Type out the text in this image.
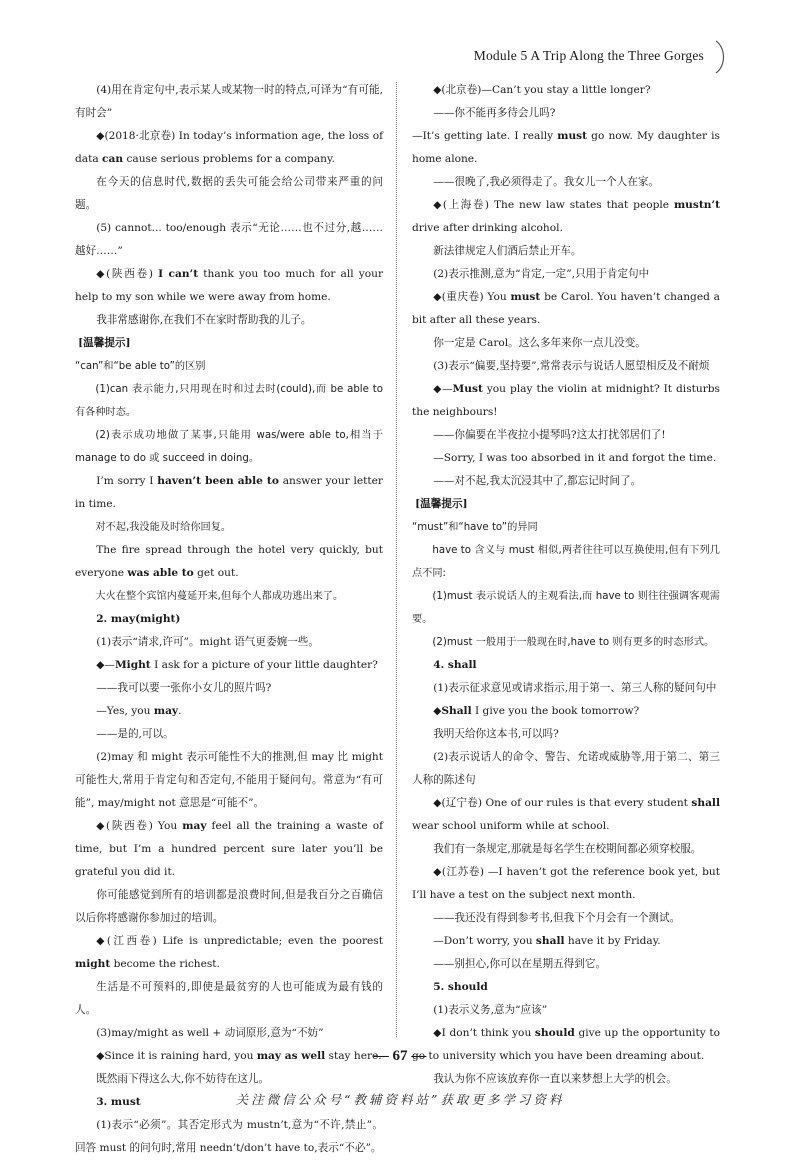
Module 5 A Trip Along the Three Gorges

(4)用在肯定句中,表示某人或某物一时的特点,可译为“有可能,有时会”

◆(2018·北京卷) In today’s information age, the loss of data can cause serious problems for a company.

在今天的信息时代,数据的丢失可能会给公司带来严重的问题。

(5) cannot... too/enough 表示“无论……也不过分,越……越好……”

◆(陕西卷) I can’t thank you too much for all your help to my son while we were away from home.

我非常感谢你,在我们不在家时帮助我的儿子。

[温馨提示]

“can”和“be able to”的区别

(1)can 表示能力,只用现在时和过去时(could),而 be able to 有各种时态。

(2)表示成功地做了某事,只能用 was/were able to,相当于 manage to do 或 succeed in doing。

I’m sorry I haven’t been able to answer your letter in time.

对不起,我没能及时给你回复。

The fire spread through the hotel very quickly, but everyone was able to get out.

大火在整个宾馆内蔓延开来,但每个人都成功逃出来了。

2. may(might)

(1)表示“请求,许可”。might 语气更委婉一些。

◆—Might I ask for a picture of your little daughter?

——我可以要一张你小女儿的照片吗?

—Yes, you may.

——是的,可以。

(2)may 和 might 表示可能性不大的推测,但 may 比 might 可能性大,常用于肯定句和否定句,不能用于疑问句。常意为“有可能”, may/might not 意思是“可能不”。

◆(陕西卷) You may feel all the training a waste of time, but I’m a hundred percent sure later you’ll be grateful you did it.

你可能感觉到所有的培训都是浪费时间,但是我百分之百确信以后你将感谢你参加过的培训。

◆(江西卷) Life is unpredictable; even the poorest might become the richest.

生活是不可预料的,即使是最贫穷的人也可能成为最有钱的人。

(3)may/might as well + 动词原形,意为“不妨”

◆Since it is raining hard, you may as well stay here.

既然雨下得这么大,你不妨待在这儿。

3. must

(1)表示“必须”。其否定形式为 mustn’t,意为“不许,禁止”。回答 must 的问句时,常用 needn’t/don’t have to,表示“不必”。

◆(北京卷)—Can’t you stay a little longer?

——你不能再多待会儿吗?

—It’s getting late. I really must go now. My daughter is home alone.

——很晚了,我必须得走了。我女儿一个人在家。

◆(上海卷) The new law states that people mustn’t drive after drinking alcohol.

新法律规定人们酒后禁止开车。

(2)表示推测,意为“肯定,一定”,只用于肯定句中

◆(重庆卷) You must be Carol. You haven’t changed a bit after all these years.

你一定是 Carol。这么多年来你一点儿没变。

(3)表示“偏要,坚持要”,常常表示与说话人愿望相反及不耐烦

◆—Must you play the violin at midnight? It disturbs the neighbours!

——你偏要在半夜拉小提琴吗?这太打扰邻居们了!

—Sorry, I was too absorbed in it and forgot the time.

——对不起,我太沉浸其中了,都忘记时间了。

[温馨提示]

“must”和“have to”的异同

have to 含义与 must 相似,两者往往可以互换使用,但有下列几点不同:

(1)must 表示说话人的主观看法,而 have to 则往往强调客观需要。

(2)must 一般用于一般现在时,have to 则有更多的时态形式。

4. shall

(1)表示征求意见或请求指示,用于第一、第三人称的疑问句中

◆Shall I give you the book tomorrow?

我明天给你这本书,可以吗?

(2)表示说话人的命令、警告、允诺或威胁等,用于第二、第三人称的陈述句

◆(辽宁卷) One of our rules is that every student shall wear school uniform while at school.

我们有一条规定,那就是每名学生在校期间都必须穿校服。

◆(江苏卷) —I haven’t got the reference book yet, but I’ll have a test on the subject next month.

——我还没有得到参考书,但我下个月会有一个测试。

—Don’t worry, you shall have it by Friday.

——别担心,你可以在星期五得到它。

5. should

(1)表示义务,意为“应该”

◆I don’t think you should give up the opportunity to go to university which you have been dreaming about.

我认为你不应该放弃你一直以来梦想上大学的机会。

— 67 —
关注微信公众号“教辅资料站”获取更多学习资料
